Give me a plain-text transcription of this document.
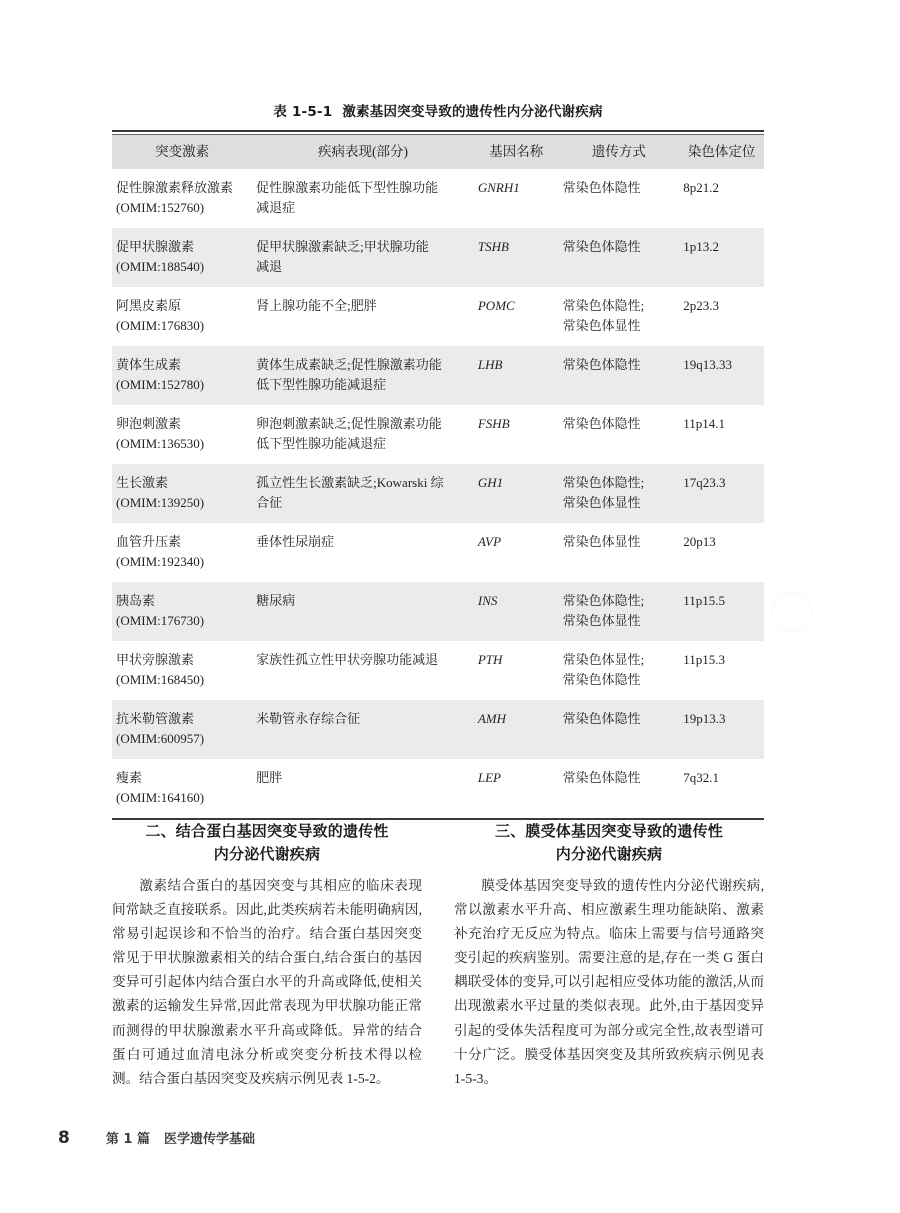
表 1-5-1 激素基因突变导致的遗传性内分泌代谢疾病
突变激素	疾病表现(部分)	基因名称	遗传方式	染色体定位

促性腺激素释放激素
(OMIM:152760)	促性腺激素功能低下型性腺功能
减退症	GNRH1	常染色体隐性	8p21.2

促甲状腺激素
(OMIM:188540)	促甲状腺激素缺乏;甲状腺功能
减退	TSHB	常染色体隐性	1p13.2

阿黑皮素原
(OMIM:176830)	肾上腺功能不全;肥胖	POMC	常染色体隐性;
常染色体显性	2p23.3

黄体生成素
(OMIM:152780)	黄体生成素缺乏;促性腺激素功能
低下型性腺功能减退症	LHB	常染色体隐性	19q13.33

卵泡刺激素
(OMIM:136530)	卵泡刺激素缺乏;促性腺激素功能
低下型性腺功能减退症	FSHB	常染色体隐性	11p14.1

生长激素
(OMIM:139250)	孤立性生长激素缺乏;Kowarski 综
合征	GH1	常染色体隐性;
常染色体显性	17q23.3

血管升压素
(OMIM:192340)	垂体性尿崩症	AVP	常染色体显性	20p13

胰岛素
(OMIM:176730)	糖尿病	INS	常染色体隐性;
常染色体显性	11p15.5

甲状旁腺激素
(OMIM:168450)	家族性孤立性甲状旁腺功能减退	PTH	常染色体显性;
常染色体隐性	11p15.3

抗米勒管激素
(OMIM:600957)	米勒管永存综合征	AMH	常染色体隐性	19p13.3

瘦素
(OMIM:164160)	肥胖	LEP	常染色体隐性	7q32.1
二、结合蛋白基因突变导致的遗传性
内分泌代谢疾病

激素结合蛋白的基因突变与其相应的临床表现间常缺乏直接联系。因此,此类疾病若未能明确病因,常易引起误诊和不恰当的治疗。结合蛋白基因突变常见于甲状腺激素相关的结合蛋白,结合蛋白的基因变异可引起体内结合蛋白水平的升高或降低,使相关激素的运输发生异常,因此常表现为甲状腺功能正常而测得的甲状腺激素水平升高或降低。异常的结合蛋白可通过血清电泳分析或突变分析技术得以检测。结合蛋白基因突变及疾病示例见表 1-5-2。

三、膜受体基因突变导致的遗传性
内分泌代谢疾病

膜受体基因突变导致的遗传性内分泌代谢疾病,常以激素水平升高、相应激素生理功能缺陷、激素补充治疗无反应为特点。临床上需要与信号通路突变引起的疾病鉴别。需要注意的是,存在一类 G 蛋白耦联受体的变异,可以引起相应受体功能的激活,从而出现激素水平过量的类似表现。此外,由于基因变异引起的受体失活程度可为部分或完全性,故表型谱可十分广泛。膜受体基因突变及其所致疾病示例见表 1-5-3。

8	第 1 篇 医学遗传学基础
